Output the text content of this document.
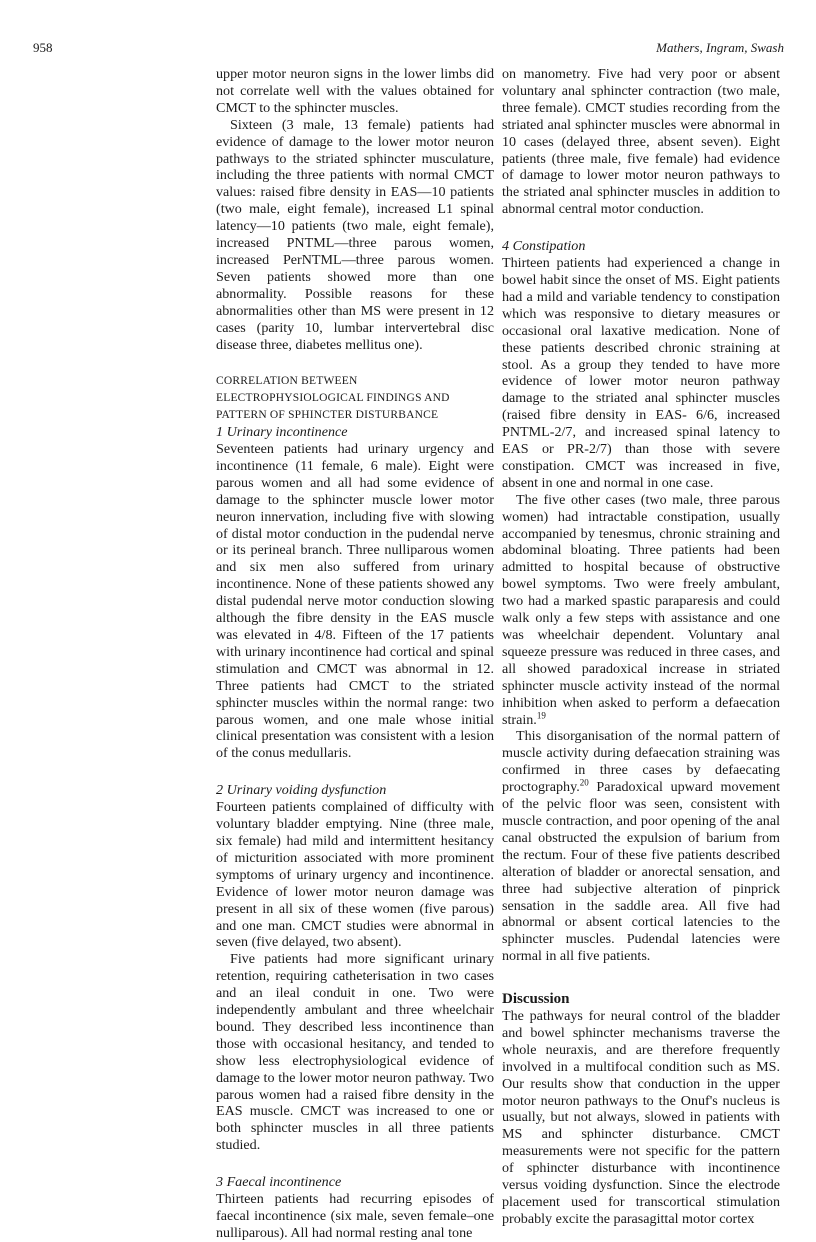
958	Mathers, Ingram, Swash

upper motor neuron signs in the lower limbs did not correlate well with the values obtained for CMCT to the sphincter muscles.

Sixteen (3 male, 13 female) patients had evidence of damage to the lower motor neuron pathways to the striated sphincter musculature, including the three patients with normal CMCT values: raised fibre density in EAS—10 patients (two male, eight female), increased L1 spinal latency—10 patients (two male, eight female), increased PNTML—three parous women, increased PerNTML—three parous women. Seven patients showed more than one abnormality. Possible reasons for these abnormalities other than MS were present in 12 cases (parity 10, lumbar intervertebral disc disease three, diabetes mellitus one).

CORRELATION BETWEEN

ELECTROPHYSIOLOGICAL FINDINGS AND

PATTERN OF SPHINCTER DISTURBANCE

1 Urinary incontinence

Seventeen patients had urinary urgency and incontinence (11 female, 6 male). Eight were parous women and all had some evidence of damage to the sphincter muscle lower motor neuron innervation, including five with slowing of distal motor conduction in the pudendal nerve or its perineal branch. Three nulliparous women and six men also suffered from urinary incontinence. None of these patients showed any distal pudendal nerve motor conduction slowing although the fibre density in the EAS muscle was elevated in 4/8. Fifteen of the 17 patients with urinary incontinence had cortical and spinal stimulation and CMCT was abnormal in 12. Three patients had CMCT to the striated sphincter muscles within the normal range: two parous women, and one male whose initial clinical presentation was consistent with a lesion of the conus medullaris.

2 Urinary voiding dysfunction

Fourteen patients complained of difficulty with voluntary bladder emptying. Nine (three male, six female) had mild and intermittent hesitancy of micturition associated with more prominent symptoms of urinary urgency and incontinence. Evidence of lower motor neuron damage was present in all six of these women (five parous) and one man. CMCT studies were abnormal in seven (five delayed, two absent).

Five patients had more significant urinary retention, requiring catheterisation in two cases and an ileal conduit in one. Two were independently ambulant and three wheelchair bound. They described less incontinence than those with occasional hesitancy, and tended to show less electrophysiological evidence of damage to the lower motor neuron pathway. Two parous women had a raised fibre density in the EAS muscle. CMCT was increased to one or both sphincter muscles in all three patients studied.

3 Faecal incontinence

Thirteen patients had recurring episodes of faecal incontinence (six male, seven female–one nulliparous). All had normal resting anal tone

on manometry. Five had very poor or absent voluntary anal sphincter contraction (two male, three female). CMCT studies recording from the striated anal sphincter muscles were abnormal in 10 cases (delayed three, absent seven). Eight patients (three male, five female) had evidence of damage to lower motor neuron pathways to the striated anal sphincter muscles in addition to abnormal central motor conduction.

4 Constipation

Thirteen patients had experienced a change in bowel habit since the onset of MS. Eight patients had a mild and variable tendency to constipation which was responsive to dietary measures or occasional oral laxative medication. None of these patients described chronic straining at stool. As a group they tended to have more evidence of lower motor neuron pathway damage to the striated anal sphincter muscles (raised fibre density in EAS- 6/6, increased PNTML-2/7, and increased spinal latency to EAS or PR-2/7) than those with severe constipation. CMCT was increased in five, absent in one and normal in one case.

The five other cases (two male, three parous women) had intractable constipation, usually accompanied by tenesmus, chronic straining and abdominal bloating. Three patients had been admitted to hospital because of obstructive bowel symptoms. Two were freely ambulant, two had a marked spastic paraparesis and could walk only a few steps with assistance and one was wheelchair dependent. Voluntary anal squeeze pressure was reduced in three cases, and all showed paradoxical increase in striated sphincter muscle activity instead of the normal inhibition when asked to perform a defaecation strain.$^{19}$

This disorganisation of the normal pattern of muscle activity during defaecation straining was confirmed in three cases by defaecating proctography.$^{20}$ Paradoxical upward movement of the pelvic floor was seen, consistent with muscle contraction, and poor opening of the anal canal obstructed the expulsion of barium from the rectum. Four of these five patients described alteration of bladder or anorectal sensation, and three had subjective alteration of pinprick sensation in the saddle area. All five had abnormal or absent cortical latencies to the sphincter muscles. Pudendal latencies were normal in all five patients.

Discussion

The pathways for neural control of the bladder and bowel sphincter mechanisms traverse the whole neuraxis, and are therefore frequently involved in a multifocal condition such as MS. Our results show that conduction in the upper motor neuron pathways to the Onuf's nucleus is usually, but not always, slowed in patients with MS and sphincter disturbance. CMCT measurements were not specific for the pattern of sphincter disturbance with incontinence versus voiding dysfunction. Since the electrode placement used for transcortical stimulation probably excite the parasagittal motor cortex
